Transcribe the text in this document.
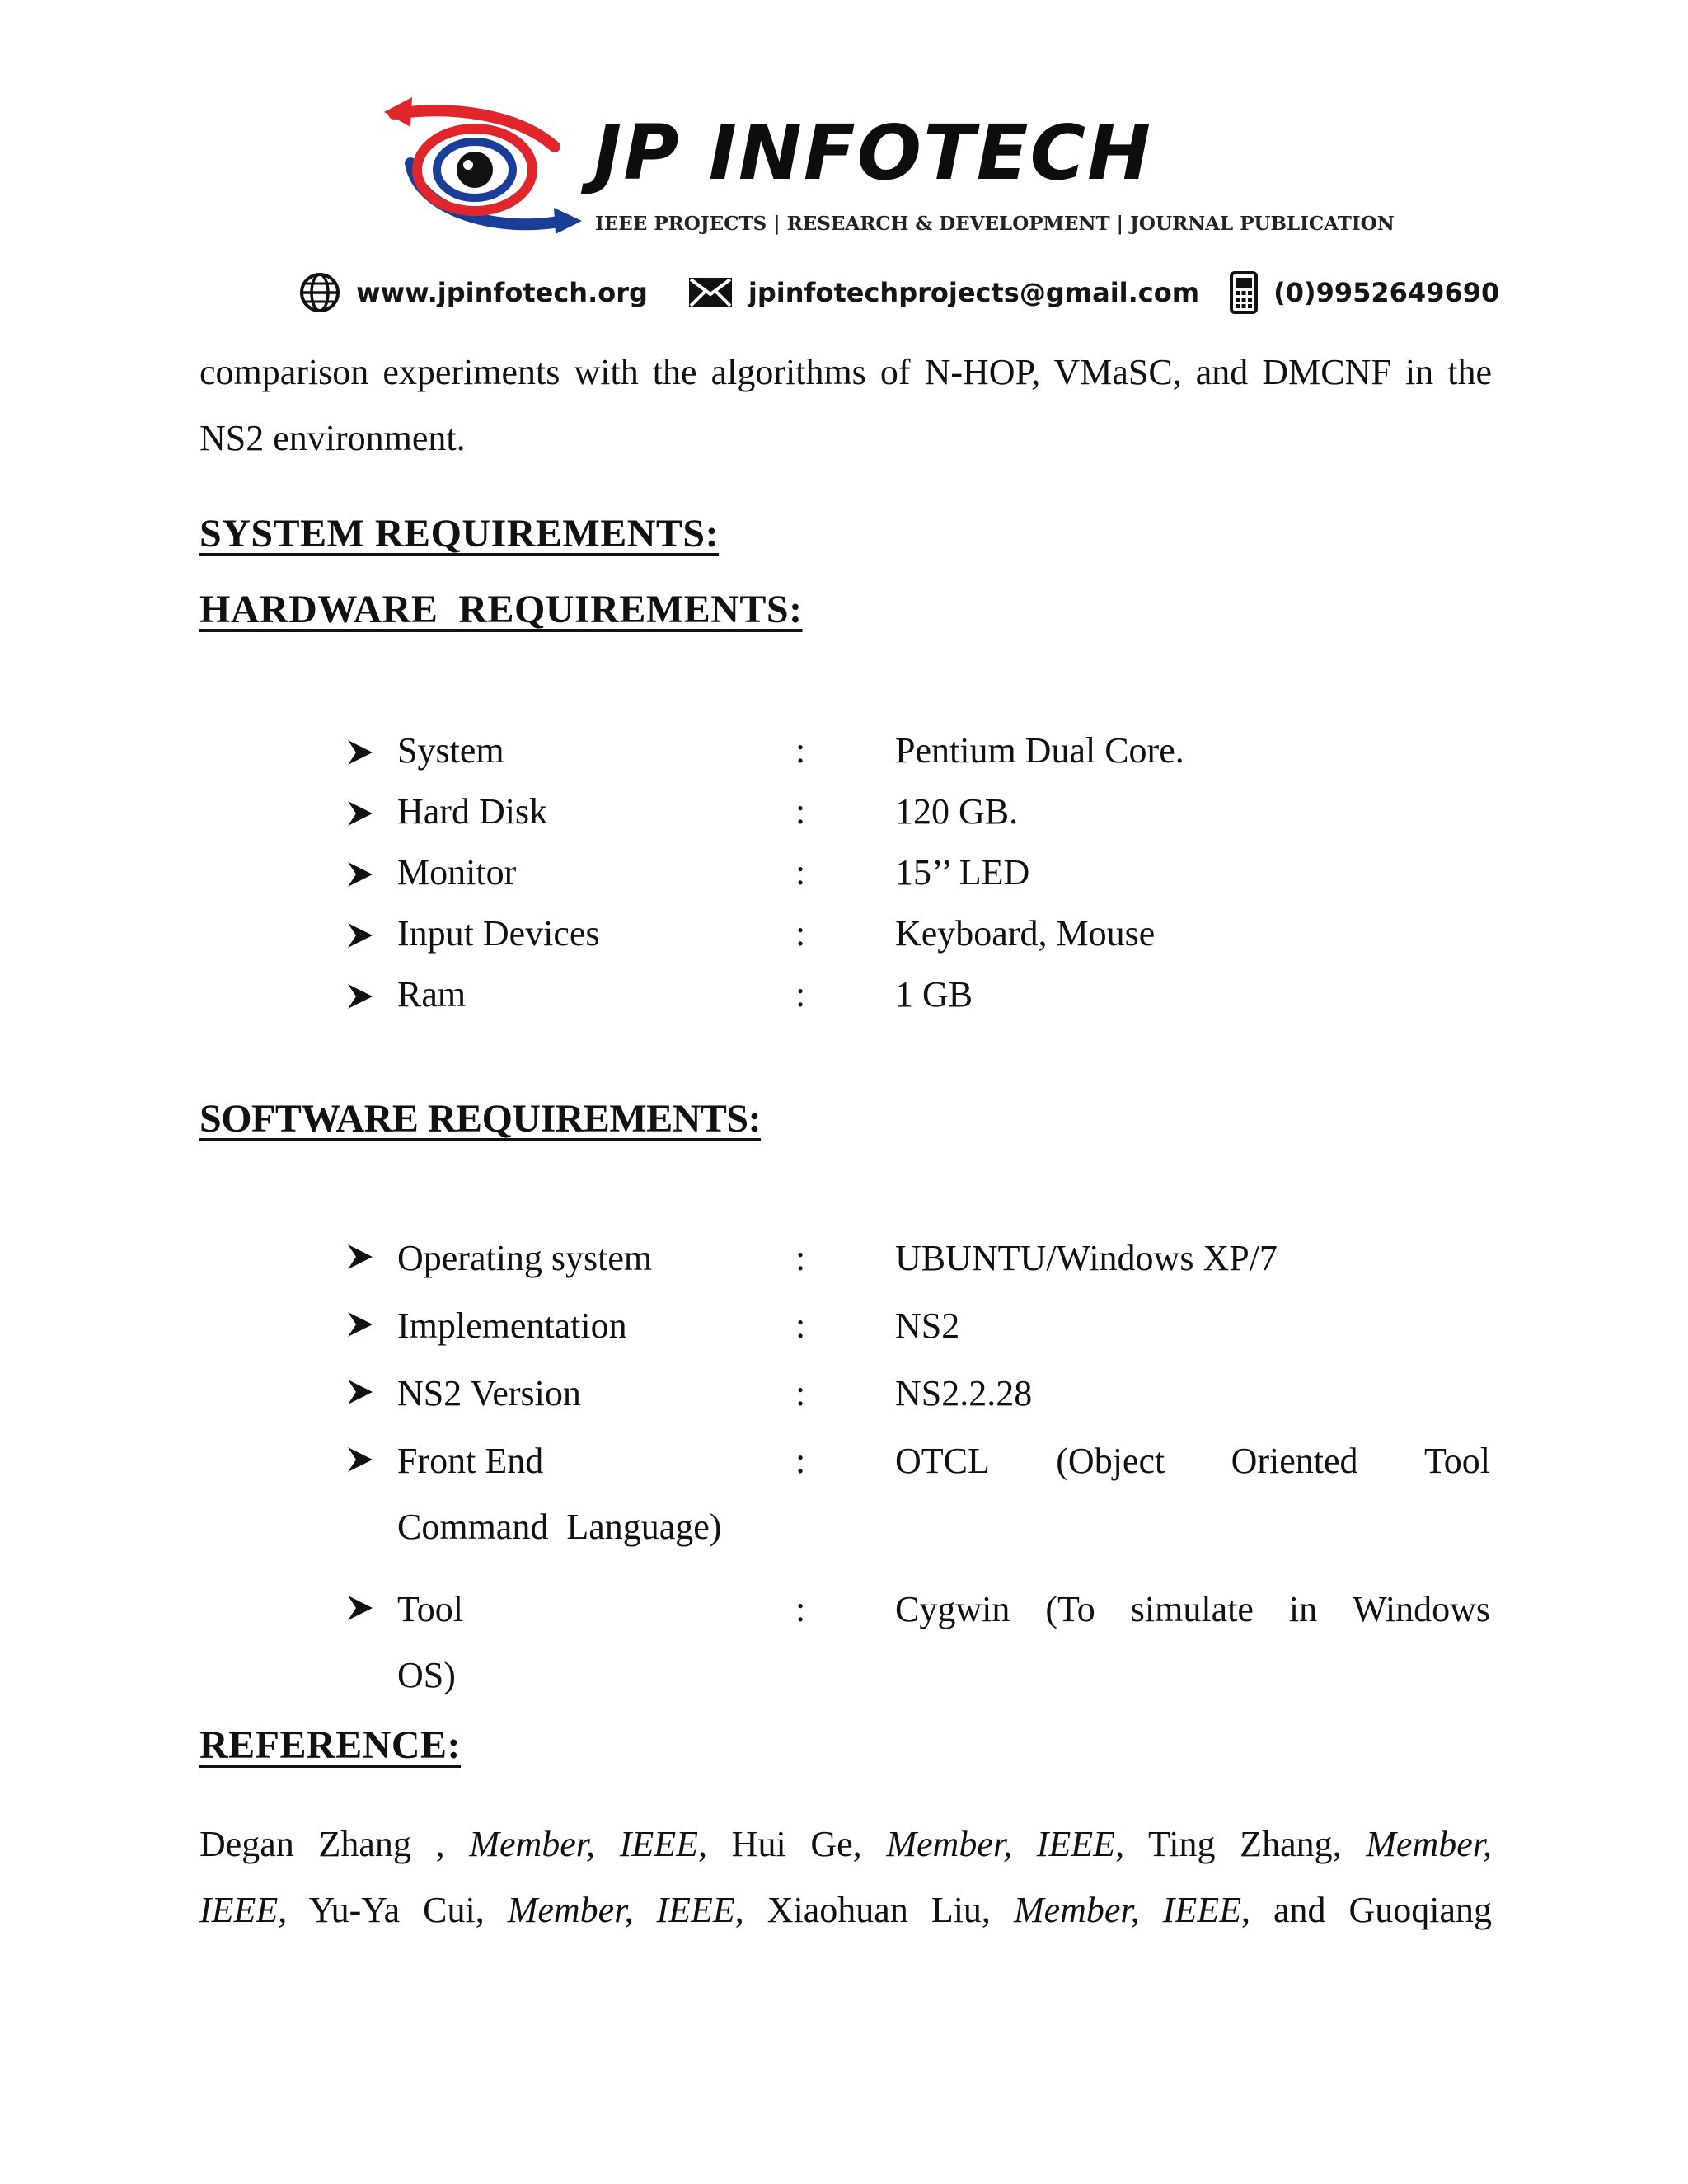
JP INFOTECH
IEEE PROJECTS | RESEARCH & DEVELOPMENT | JOURNAL PUBLICATION
www.jpinfotech.org	jpinfotechprojects@gmail.com	(0)9952649690

comparison experiments with the algorithms of N-HOP, VMaSC, and DMCNF in the NS2 environment.

SYSTEM REQUIREMENTS:
HARDWARE  REQUIREMENTS:
System	: Pentium Dual Core.
Hard Disk	: 120 GB.
Monitor	: 15’’ LED
Input Devices	: Keyboard, Mouse
Ram	: 1 GB
SOFTWARE REQUIREMENTS:
Operating system	: UBUNTU/Windows XP/7
Implementation	: NS2
NS2 Version	: NS2.2.28
Front End	: OTCL (Object Oriented Tool
Command  Language)
Tool	: Cygwin (To simulate in Windows
OS)
REFERENCE:
Degan Zhang , Member, IEEE, Hui Ge, Member, IEEE, Ting Zhang, Member,
IEEE, Yu-Ya Cui, Member, IEEE, Xiaohuan Liu, Member, IEEE, and Guoqiang
